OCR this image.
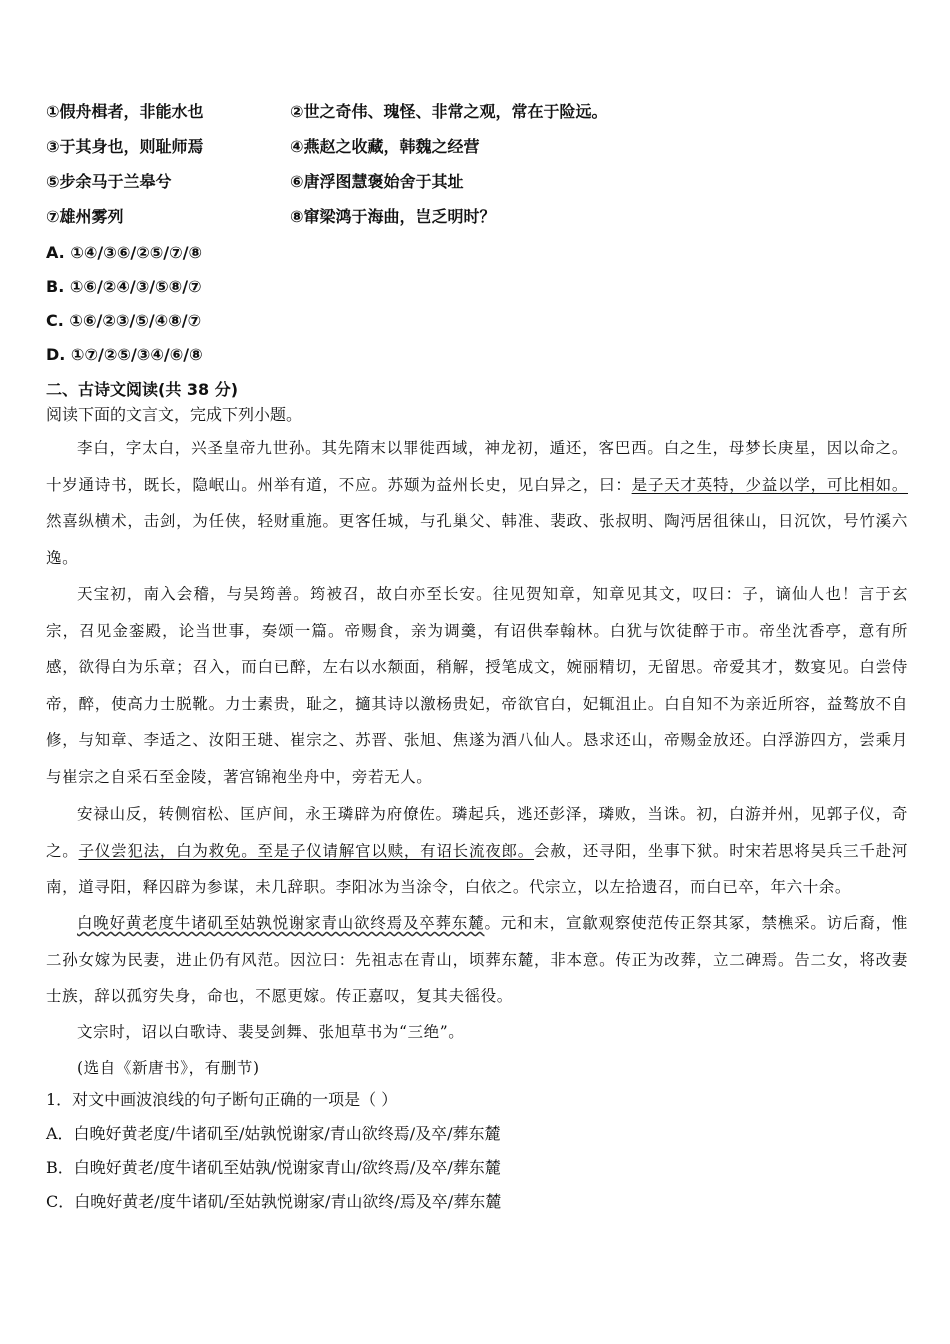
①假舟楫者，非能水也	②世之奇伟、瑰怪、非常之观，常在于险远。
③于其身也，则耻师焉	④燕赵之收藏，韩魏之经营
⑤步余马于兰皋兮	⑥唐浮图慧褒始舍于其址
⑦雄州雾列	⑧窜梁鸿于海曲，岂乏明时？
A. ①④/③⑥/②⑤/⑦/⑧
B. ①⑥/②④/③/⑤⑧/⑦
C. ①⑥/②③/⑤/④⑧/⑦
D. ①⑦/②⑤/③④/⑥/⑧
二、古诗文阅读(共 38 分)
阅读下面的文言文，完成下列小题。

李白，字太白，兴圣皇帝九世孙。其先隋末以罪徙西域，神龙初，遁还，客巴西。白之生，母梦长庚星，因以命之。十岁通诗书，既长，隐岷山。州举有道，不应。苏颋为益州长史，见白异之，曰：是子天才英特，少益以学，可比相如。然喜纵横术，击剑，为任侠，轻财重施。更客任城，与孔巢父、韩准、裴政、张叔明、陶沔居徂徕山，日沉饮，号竹溪六逸。

天宝初，南入会稽，与吴筠善。筠被召，故白亦至长安。往见贺知章，知章见其文，叹曰：子，谪仙人也！言于玄宗，召见金銮殿，论当世事，奏颂一篇。帝赐食，亲为调羹，有诏供奉翰林。白犹与饮徒醉于市。帝坐沈香亭，意有所感，欲得白为乐章；召入，而白已醉，左右以水颒面，稍解，授笔成文，婉丽精切，无留思。帝爱其才，数宴见。白尝侍帝，醉，使高力士脱靴。力士素贵，耻之，擿其诗以激杨贵妃，帝欲官白，妃辄沮止。白自知不为亲近所容，益骜放不自修，与知章、李适之、汝阳王琎、崔宗之、苏晋、张旭、焦遂为酒八仙人。恳求还山，帝赐金放还。白浮游四方，尝乘月与崔宗之自采石至金陵，著宫锦袍坐舟中，旁若无人。

安禄山反，转侧宿松、匡庐间，永王璘辟为府僚佐。璘起兵，逃还彭泽，璘败，当诛。初，白游并州，见郭子仪，奇之。子仪尝犯法，白为救免。至是子仪请解官以赎，有诏长流夜郎。会赦，还寻阳，坐事下狱。时宋若思将吴兵三千赴河南，道寻阳，释囚辟为参谋，未几辞职。李阳冰为当涂令，白依之。代宗立，以左拾遗召，而白已卒，年六十余。

白晚好黄老度牛诸矶至姑孰悦谢家青山欲终焉及卒葬东麓。元和末，宣歙观察使范传正祭其冢，禁樵采。访后裔，惟二孙女嫁为民妻，进止仍有风范。因泣曰：先祖志在青山，顷葬东麓，非本意。传正为改葬，立二碑焉。告二女，将改妻士族，辞以孤穷失身，命也，不愿更嫁。传正嘉叹，复其夫徭役。

文宗时，诏以白歌诗、裴旻剑舞、张旭草书为“三绝”。

(选自《新唐书》，有删节)

1．对文中画波浪线的句子断句正确的一项是（ ）
A．白晚好黄老度/牛诸矶至/姑孰悦谢家/青山欲终焉/及卒/葬东麓
B．白晚好黄老/度牛诸矶至姑孰/悦谢家青山/欲终焉/及卒/葬东麓
C．白晚好黄老/度牛诸矶/至姑孰悦谢家/青山欲终/焉及卒/葬东麓
